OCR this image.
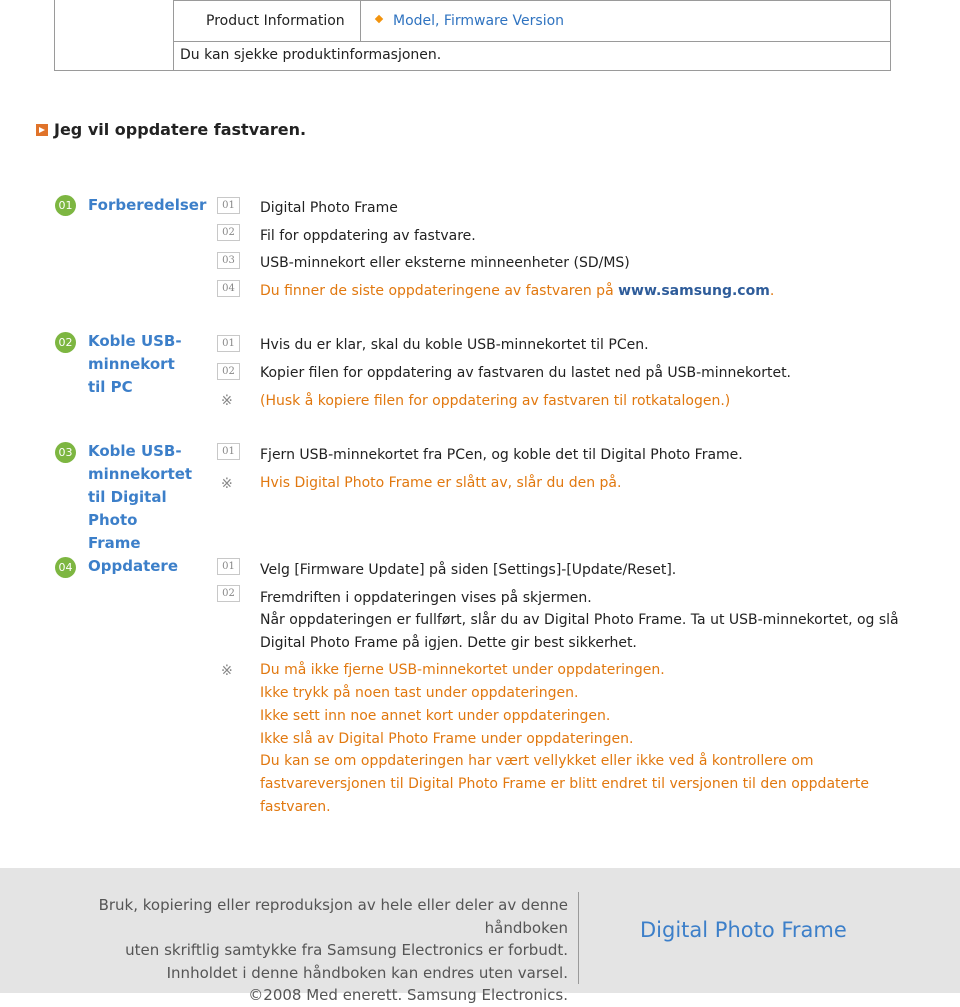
Product Information	Model, Firmware Version
Du kan sjekke produktinformasjonen.
Jeg vil oppdatere fastvaren.
01 Forberedelser	01	Digital Photo Frame
02	Fil for oppdatering av fastvare.
03	USB-minnekort eller eksterne minneenheter (SD/MS)
04	Du finner de siste oppdateringene av fastvaren på www.samsung.com.
02 Koble USB-minnekort til PC
01	Hvis du er klar, skal du koble USB-minnekortet til PCen.
02	Kopier filen for oppdatering av fastvaren du lastet ned på USB-minnekortet.
※ (Husk å kopiere filen for oppdatering av fastvaren til rotkatalogen.)
03 Koble USB-minnekortet til Digital Photo Frame
01	Fjern USB-minnekortet fra PCen, og koble det til Digital Photo Frame.
※ Hvis Digital Photo Frame er slått av, slår du den på.
04 Oppdatere	01	Velg [Firmware Update] på siden [Settings]-[Update/Reset].
02	Fremdriften i oppdateringen vises på skjermen.
Når oppdateringen er fullført, slår du av Digital Photo Frame. Ta ut USB-minnekortet, og slå
Digital Photo Frame på igjen. Dette gir best sikkerhet.
※ Du må ikke fjerne USB-minnekortet under oppdateringen.
Ikke trykk på noen tast under oppdateringen.
Ikke sett inn noe annet kort under oppdateringen.
Ikke slå av Digital Photo Frame under oppdateringen.
Du kan se om oppdateringen har vært vellykket eller ikke ved å kontrollere om
fastvareversjonen til Digital Photo Frame er blitt endret til versjonen til den oppdaterte
fastvaren.
Bruk, kopiering eller reproduksjon av hele eller deler av denne håndboken
uten skriftlig samtykke fra Samsung Electronics er forbudt.
Innholdet i denne håndboken kan endres uten varsel.
©2008 Med enerett. Samsung Electronics.
Digital Photo Frame
